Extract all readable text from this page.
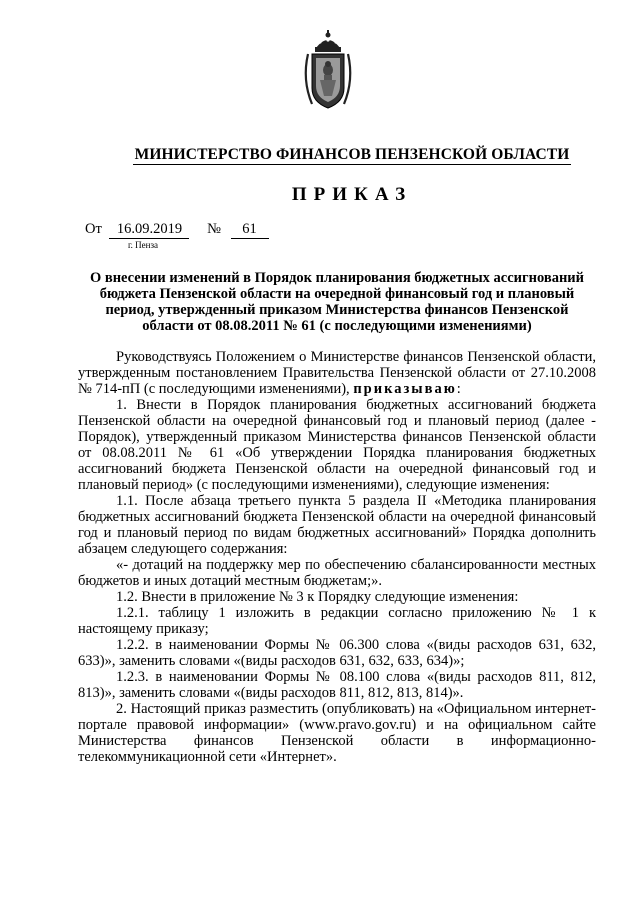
МИНИСТЕРСТВО ФИНАНСОВ ПЕНЗЕНСКОЙ ОБЛАСТИ
ПРИКАЗ
От 16.09.2019 № 61
г. Пенза
О внесении изменений в Порядок планирования бюджетных ассигнований бюджета Пензенской области на очередной финансовый год и плановый период, утвержденный приказом Министерства финансов Пензенской области от 08.08.2011 № 61 (с последующими изменениями)

Руководствуясь Положением о Министерстве финансов Пензенской области, утвержденным постановлением Правительства Пензенской области от 27.10.2008 № 714-пП (с последующими изменениями), приказываю:

1. Внести в Порядок планирования бюджетных ассигнований бюджета Пензенской области на очередной финансовый год и плановый период (далее - Порядок), утвержденный приказом Министерства финансов Пензенской области от 08.08.2011 № 61 «Об утверждении Порядка планирования бюджетных ассигнований бюджета Пензенской области на очередной финансовый год и плановый период» (с последующими изменениями), следующие изменения:

1.1. После абзаца третьего пункта 5 раздела II «Методика планирования бюджетных ассигнований бюджета Пензенской области на очередной финансовый год и плановый период по видам бюджетных ассигнований» Порядка дополнить абзацем следующего содержания:

«- дотаций на поддержку мер по обеспечению сбалансированности местных бюджетов и иных дотаций местным бюджетам;».

1.2. Внести в приложение № 3 к Порядку следующие изменения:

1.2.1. таблицу 1 изложить в редакции согласно приложению № 1 к настоящему приказу;

1.2.2. в наименовании Формы № 06.300 слова «(виды расходов 631, 632, 633)», заменить словами «(виды расходов 631, 632, 633, 634)»;

1.2.3. в наименовании Формы № 08.100 слова «(виды расходов 811, 812, 813)», заменить словами «(виды расходов 811, 812, 813, 814)».

2. Настоящий приказ разместить (опубликовать) на «Официальном интернет-портале правовой информации» (www.pravo.gov.ru) и на официальном сайте Министерства финансов Пензенской области в информационно-телекоммуникационной сети «Интернет».
